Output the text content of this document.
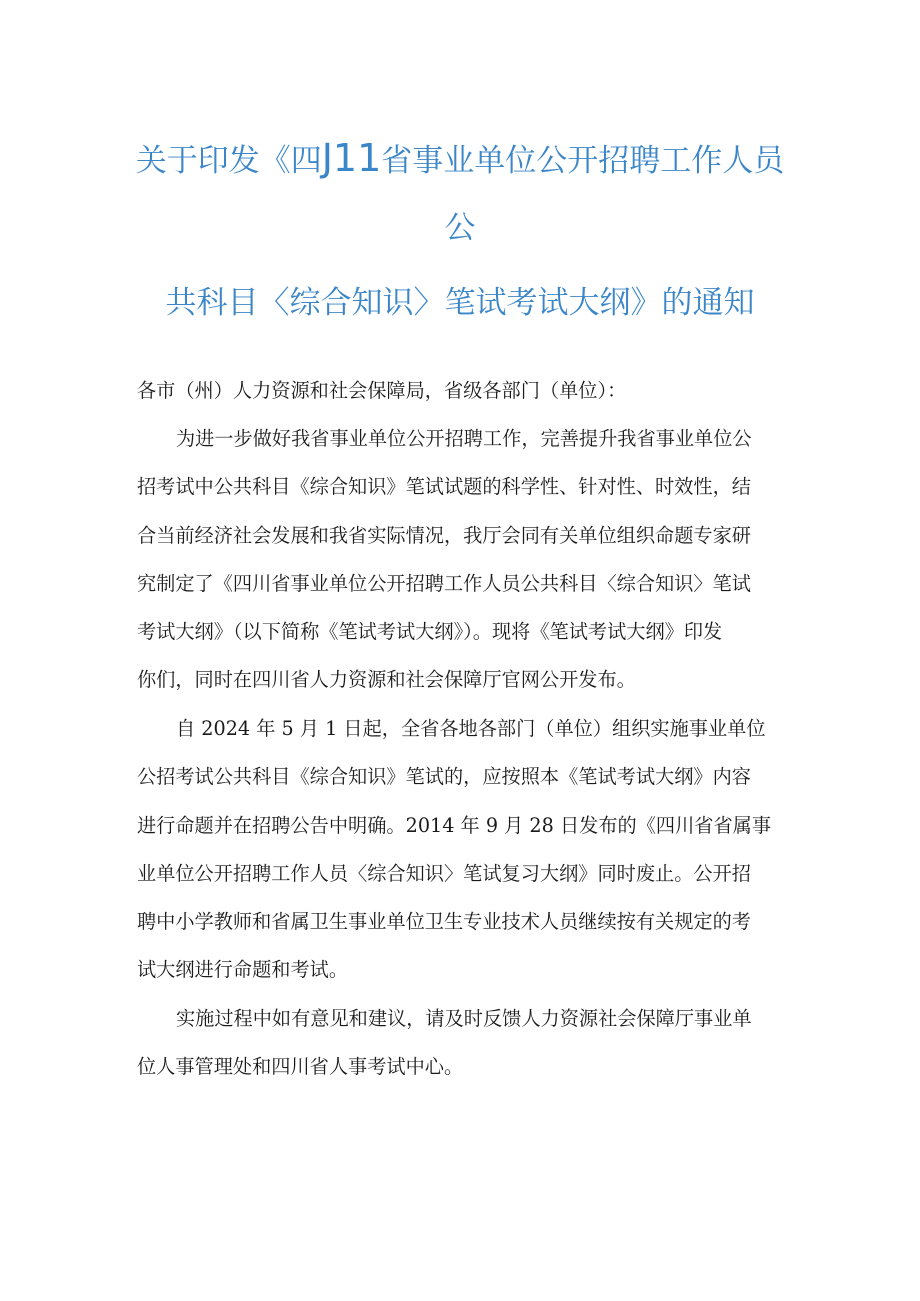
关于印发《四J11省事业单位公开招聘工作人员
公
共科目〈综合知识〉笔试考试大纲》的通知
各市（州）人力资源和社会保障局，省级各部门（单位）：
为进一步做好我省事业单位公开招聘工作，完善提升我省事业单位公
招考试中公共科目《综合知识》笔试试题的科学性、针对性、时效性，结
合当前经济社会发展和我省实际情况，我厅会同有关单位组织命题专家研
究制定了《四川省事业单位公开招聘工作人员公共科目〈综合知识〉笔试
考试大纲》（以下简称《笔试考试大纲》）。现将《笔试考试大纲》印发
你们，同时在四川省人力资源和社会保障厅官网公开发布。
自 2024 年 5 月 1 日起，全省各地各部门（单位）组织实施事业单位
公招考试公共科目《综合知识》笔试的，应按照本《笔试考试大纲》内容
进行命题并在招聘公告中明确。2014 年 9 月 28 日发布的《四川省省属事
业单位公开招聘工作人员〈综合知识〉笔试复习大纲》同时废止。公开招
聘中小学教师和省属卫生事业单位卫生专业技术人员继续按有关规定的考
试大纲进行命题和考试。
实施过程中如有意见和建议，请及时反馈人力资源社会保障厅事业单
位人事管理处和四川省人事考试中心。
